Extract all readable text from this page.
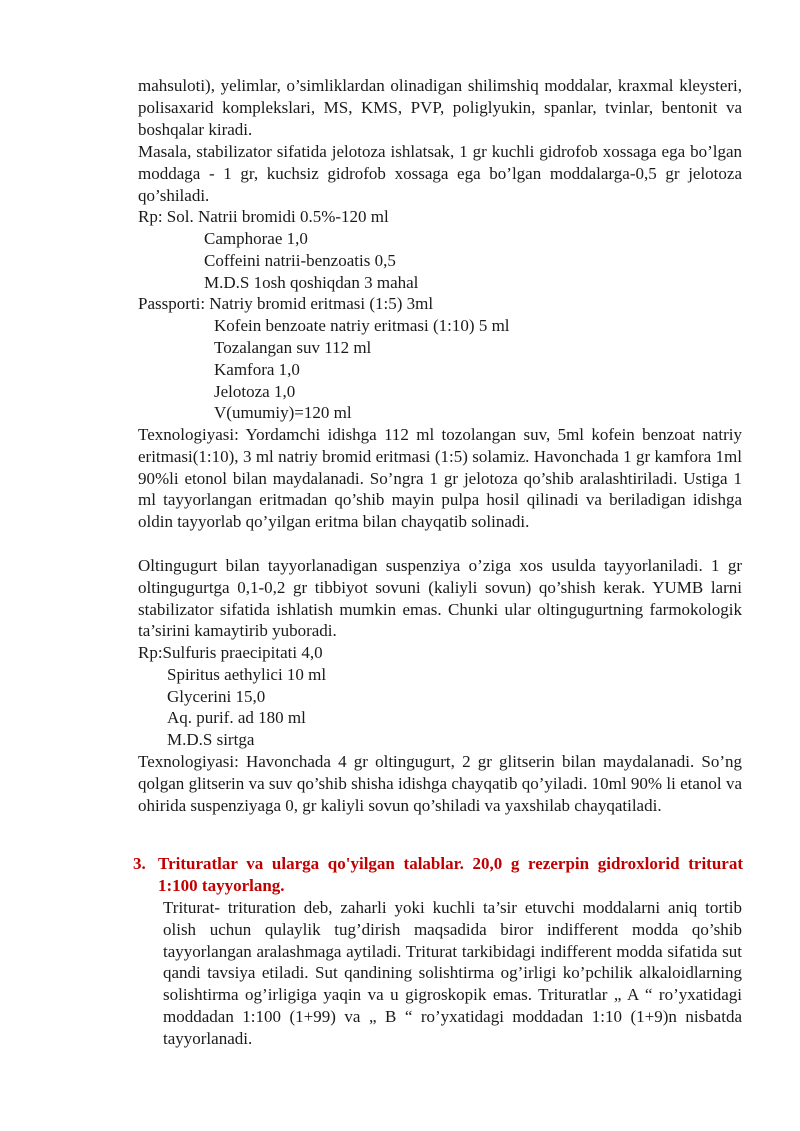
mahsuloti), yelimlar, o’simliklardan olinadigan shilimshiq moddalar, kraxmal kleysteri, polisaxarid komplekslari, MS, KMS, PVP, poliglyukin, spanlar, tvinlar, bentonit va boshqalar kiradi.

Masala, stabilizator sifatida jelotoza ishlatsak, 1 gr kuchli gidrofob xossaga ega bo’lgan moddaga - 1 gr, kuchsiz gidrofob xossaga ega bo’lgan moddalarga-0,5 gr jelotoza qo’shiladi.

Rp: Sol. Natrii bromidi 0.5%-120 ml
Camphorae 1,0
Coffeini natrii-benzoatis 0,5
M.D.S 1osh qoshiqdan 3 mahal
Passporti: Natriy bromid eritmasi (1:5) 3ml
Kofein benzoate natriy eritmasi (1:10) 5 ml
Tozalangan suv 112 ml
Kamfora 1,0
Jelotoza 1,0
V(umumiy)=120 ml

Texnologiyasi: Yordamchi idishga 112 ml tozolangan suv, 5ml kofein benzoat natriy eritmasi(1:10), 3 ml natriy bromid eritmasi (1:5) solamiz. Havonchada 1 gr kamfora 1ml 90%li etonol bilan maydalanadi. So’ngra 1 gr jelotoza qo’shib aralashtiriladi. Ustiga 1 ml tayyorlangan eritmadan qo’shib mayin pulpa hosil qilinadi va beriladigan idishga oldin tayyorlab qo’yilgan eritma bilan chayqatib solinadi.

Oltingugurt bilan tayyorlanadigan suspenziya o’ziga xos usulda tayyorlaniladi. 1 gr oltingugurtga 0,1-0,2 gr tibbiyot sovuni (kaliyli sovun) qo’shish kerak. YUMB larni stabilizator sifatida ishlatish mumkin emas. Chunki ular oltingugurtning farmokologik ta’sirini kamaytirib yuboradi.

Rp:Sulfuris praecipitati 4,0
Spiritus aethylici 10 ml
Glycerini 15,0
Aq. purif. ad 180 ml
M.D.S sirtga

Texnologiyasi: Havonchada 4 gr oltingugurt, 2 gr glitserin bilan maydalanadi. So’ng qolgan glitserin va suv qo’shib shisha idishga chayqatib qo’yiladi. 10ml 90% li etanol va ohirida suspenziyaga 0, gr kaliyli sovun qo’shiladi va yaxshilab chayqatiladi.

3. Trituratlar va ularga qo'yilgan talablar. 20,0 g rezerpin gidroxlorid triturat 1:100 tayyorlang.

Triturat- trituration deb, zaharli yoki kuchli ta’sir etuvchi moddalarni aniq tortib olish uchun qulaylik tug’dirish maqsadida biror indifferent modda qo’shib tayyorlangan aralashmaga aytiladi. Triturat tarkibidagi indifferent modda sifatida sut qandi tavsiya etiladi. Sut qandining solishtirma og’irligi ko’pchilik alkaloidlarning solishtirma og’irligiga yaqin va u gigroskopik emas. Trituratlar „ A “ ro’yxatidagi moddadan 1:100 (1+99) va „ B “ ro’yxatidagi moddadan 1:10 (1+9)n nisbatda tayyorlanadi.
